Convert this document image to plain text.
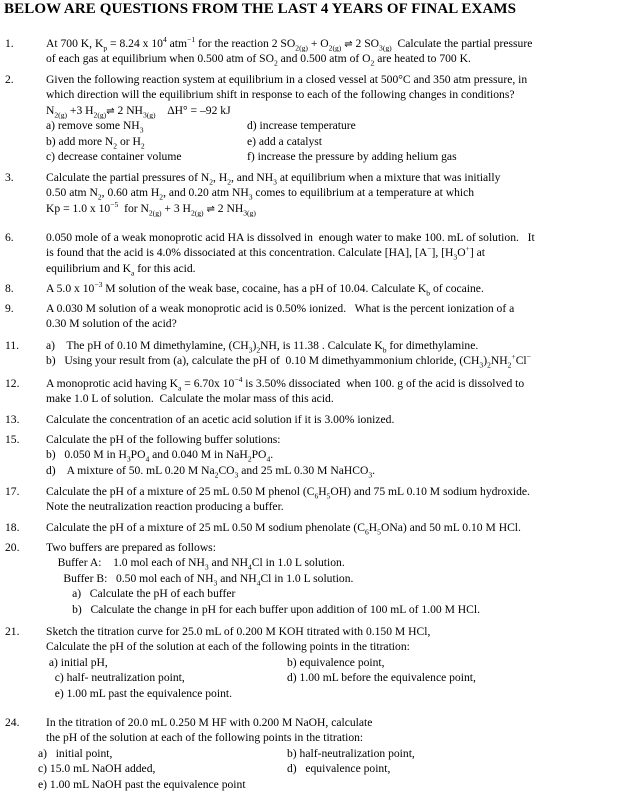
BELOW ARE QUESTIONS FROM THE LAST 4 YEARS OF FINAL EXAMS
1.	At 700 K, $K_p = 8.24$ x $10^4$ atm$^{-1}$ for the reaction 2 $SO_{2(g)} + O_{2(g)}$ ⇌ 2 $SO_{3(g)}$  Calculate the partial pressure
of each gas at equilibrium when 0.500 atm of $SO_2$ and 0.500 atm of $O_2$ are heated to 700 K.
2.	Given the following reaction system at equilibrium in a closed vessel at 500°C and 350 atm pressure, in
which direction will the equilibrium shift in response to each of the following changes in conditions?
$N_{2(g)} +3$ $H_{2(g)}\rightleftharpoons$ 2 $NH_{3(g)}$    ΔH° = –92 kJ
a) remove some $NH_3$	d) increase temperature
b) add more $N_2$ or $H_2$	e) add a catalyst
c) decrease container volume	f) increase the pressure by adding helium gas
3.	Calculate the partial pressures of $N_2$, $H_2$, and $NH_3$ at equilibrium when a mixture that was initially
0.50 atm $N_2$, 0.60 atm $H_2$, and 0.20 atm $NH_3$ comes to equilibrium at a temperature at which
Kp = 1.0 x $10^{-5}$  for $N_{2(g)} + 3$ $H_{2(g)}$ ⇌ 2 $NH_{3(g)}$
6.	0.050 mole of a weak monoprotic acid HA is dissolved in  enough water to make 100. mL of solution.   It
is found that the acid is 4.0% dissociated at this concentration. Calculate [HA], [A−], $[H_3O^+]$ at
equilibrium and $K_a$ for this acid.
8.	A 5.0 x $10^{-3}$ M solution of the weak base, cocaine, has a pH of 10.04. Calculate $K_b$ of cocaine.
9.	A 0.030 M solution of a weak monoprotic acid is 0.50% ionized.   What is the percent ionization of a
0.30 M solution of the acid?
11. a)    The pH of 0.10 M dimethylamine, $(CH_3)_2NH$, is 11.38 . Calculate $K_b$ for dimethylamine.
b)   Using your result from (a), calculate the pH of  0.10 M dimethyammonium chloride, $(CH_3)_2NH_2^+Cl^-$
12. A monoprotic acid having $K_a = 6.70x$ $10^{-4}$ is 3.50% dissociated  when 100. g of the acid is dissolved to
make 1.0 L of solution.  Calculate the molar mass of this acid.
13. Calculate the concentration of an acetic acid solution if it is 3.00% ionized.
15. Calculate the pH of the following buffer solutions:
b)   0.050 M in $H_3PO_4$ and 0.040 M in $NaH_2PO_4$.
d)    A mixture of 50. mL 0.20 M $Na_2CO_3$ and 25 mL 0.30 M NaHCO$_3$.
17. Calculate the pH of a mixture of 25 mL 0.50 M phenol $(C_6H_5OH)$ and 75 mL 0.10 M sodium hydroxide.
Note the neutralization reaction producing a buffer.
18. Calculate the pH of a mixture of 25 mL 0.50 M sodium phenolate $(C_6H_5ONa)$ and 50 mL 0.10 M HCl.
20. Two buffers are prepared as follows:
Buffer A:    1.0 mol each of $NH_3$ and $NH_4Cl$ in 1.0 L solution.
Buffer B:   0.50 mol each of $NH_3$ and $NH_4Cl$ in 1.0 L solution.
a)   Calculate the pH of each buffer
b)   Calculate the change in pH for each buffer upon addition of 100 mL of 1.00 M HCl.
21. Sketch the titration curve for 25.0 mL of 0.200 M KOH titrated with 0.150 M HCl,
Calculate the pH of the solution at each of the following points in the titration:
a) initial pH,	b) equivalence point,
c) half- neutralization point,	d) 1.00 mL before the equivalence point,
e) 1.00 mL past the equivalence point.
24. In the titration of 20.0 mL 0.250 M HF with 0.200 M NaOH, calculate
the pH of the solution at each of the following points in the titration:
a)   initial point,	b) half-neutralization point,
c) 15.0 mL NaOH added,	d)   equivalence point,
e) 1.00 mL NaOH past the equivalence point
